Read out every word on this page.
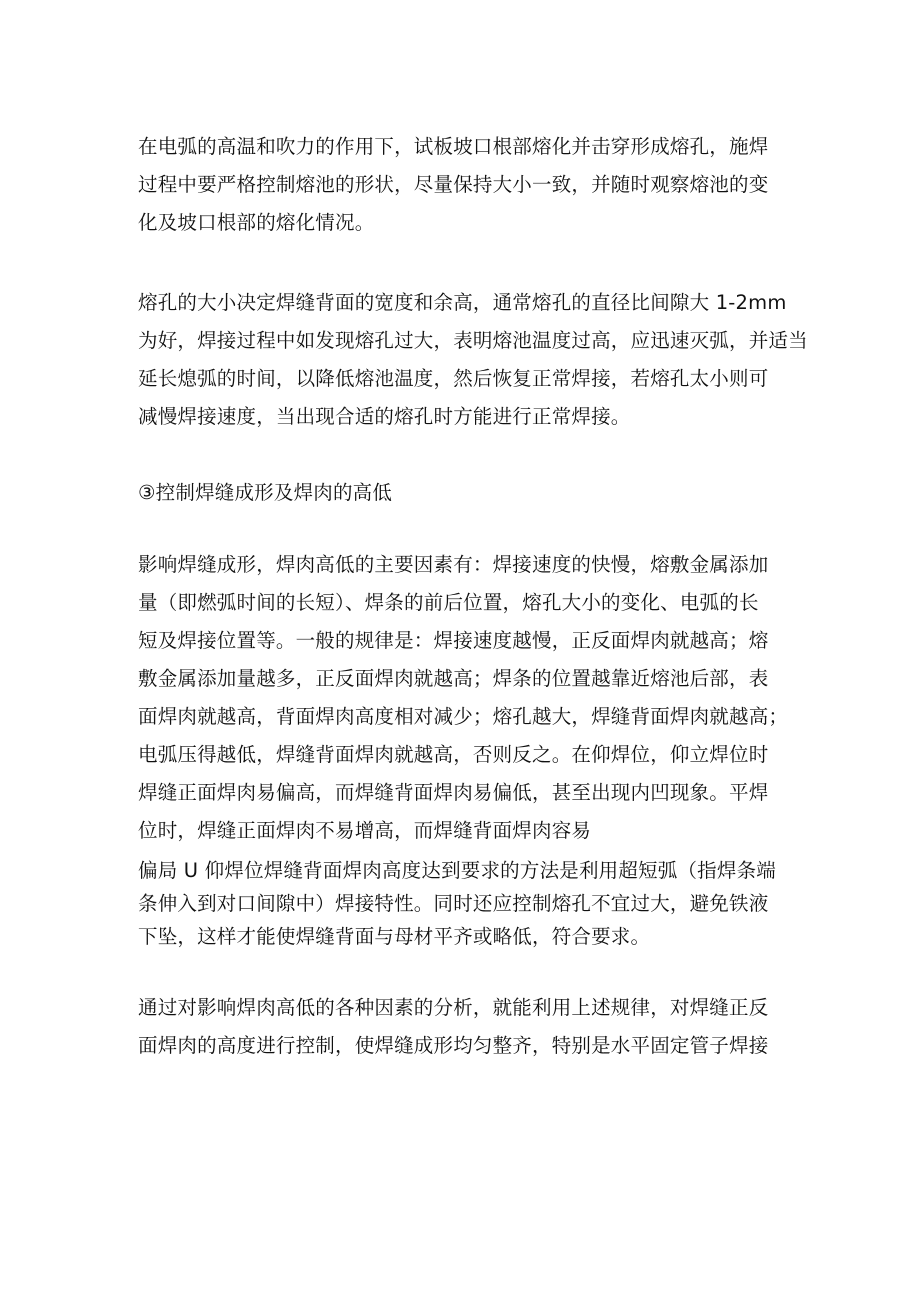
在电弧的高温和吹力的作用下，试板坡口根部熔化并击穿形成熔孔，施焊
过程中要严格控制熔池的形状，尽量保持大小一致，并随时观察熔池的变
化及坡口根部的熔化情况。

熔孔的大小决定焊缝背面的宽度和余高，通常熔孔的直径比间隙大 1-2mm
为好，焊接过程中如发现熔孔过大，表明熔池温度过高，应迅速灭弧，并适当
延长熄弧的时间，以降低熔池温度，然后恢复正常焊接，若熔孔太小则可
减慢焊接速度，当出现合适的熔孔时方能进行正常焊接。

③控制焊缝成形及焊肉的高低

影响焊缝成形，焊肉高低的主要因素有：焊接速度的快慢，熔敷金属添加
量（即燃弧时间的长短）、焊条的前后位置，熔孔大小的变化、电弧的长
短及焊接位置等。一般的规律是：焊接速度越慢，正反面焊肉就越高；熔
敷金属添加量越多，正反面焊肉就越高；焊条的位置越靠近熔池后部，表
面焊肉就越高，背面焊肉高度相对减少；熔孔越大，焊缝背面焊肉就越高；
电弧压得越低，焊缝背面焊肉就越高，否则反之。在仰焊位，仰立焊位时
焊缝正面焊肉易偏高，而焊缝背面焊肉易偏低，甚至出现内凹现象。平焊
位时，焊缝正面焊肉不易增高，而焊缝背面焊肉容易

偏局 U 仰焊位焊缝背面焊肉高度达到要求的方法是利用超短弧（指焊条端
条伸入到对口间隙中）焊接特性。同时还应控制熔孔不宜过大，避免铁液
下坠，这样才能使焊缝背面与母材平齐或略低，符合要求。

通过对影响焊肉高低的各种因素的分析，就能利用上述规律，对焊缝正反
面焊肉的高度进行控制，使焊缝成形均匀整齐，特别是水平固定管子焊接
